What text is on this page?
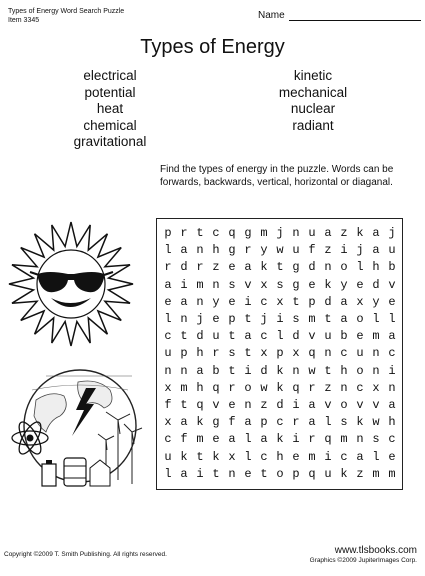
Types of Energy Word Search Puzzle
Item 3345	Name
Types of Energy
electrical
potential
heat
chemical
gravitational
kinetic
mechanical
nuclear
radiant
Find the types of energy in the puzzle. Words can be forwards, backwards, vertical, horizontal or diaganal.
p r t c q g m j n u a z k a j
l a n h g r y w u f z i j a u
r d r z e a k t g d n o l h b
a i m n s v x s g e k y e d v
e a n y e i c x t p d a x y e
l n j e p t j i s m t a o l l
c t d u t a c l d v u b e m a
u p h r s t x p x q n c u n c
n n a b t i d k n w t h o n i
x m h q r o w k q r z n c x n
f t q v e n z d i a v o v v a
x a k g f a p c r a l s k w h
c f m e a l a k i r q m n s c
u k t k x l c h e m i c a l e
l a i t n e t o p q u k z m m
Copyright ©2009 T. Smith Publishing. All rights reserved.	www.tlsbooks.com
Graphics ©2009 JupiterImages Corp.
